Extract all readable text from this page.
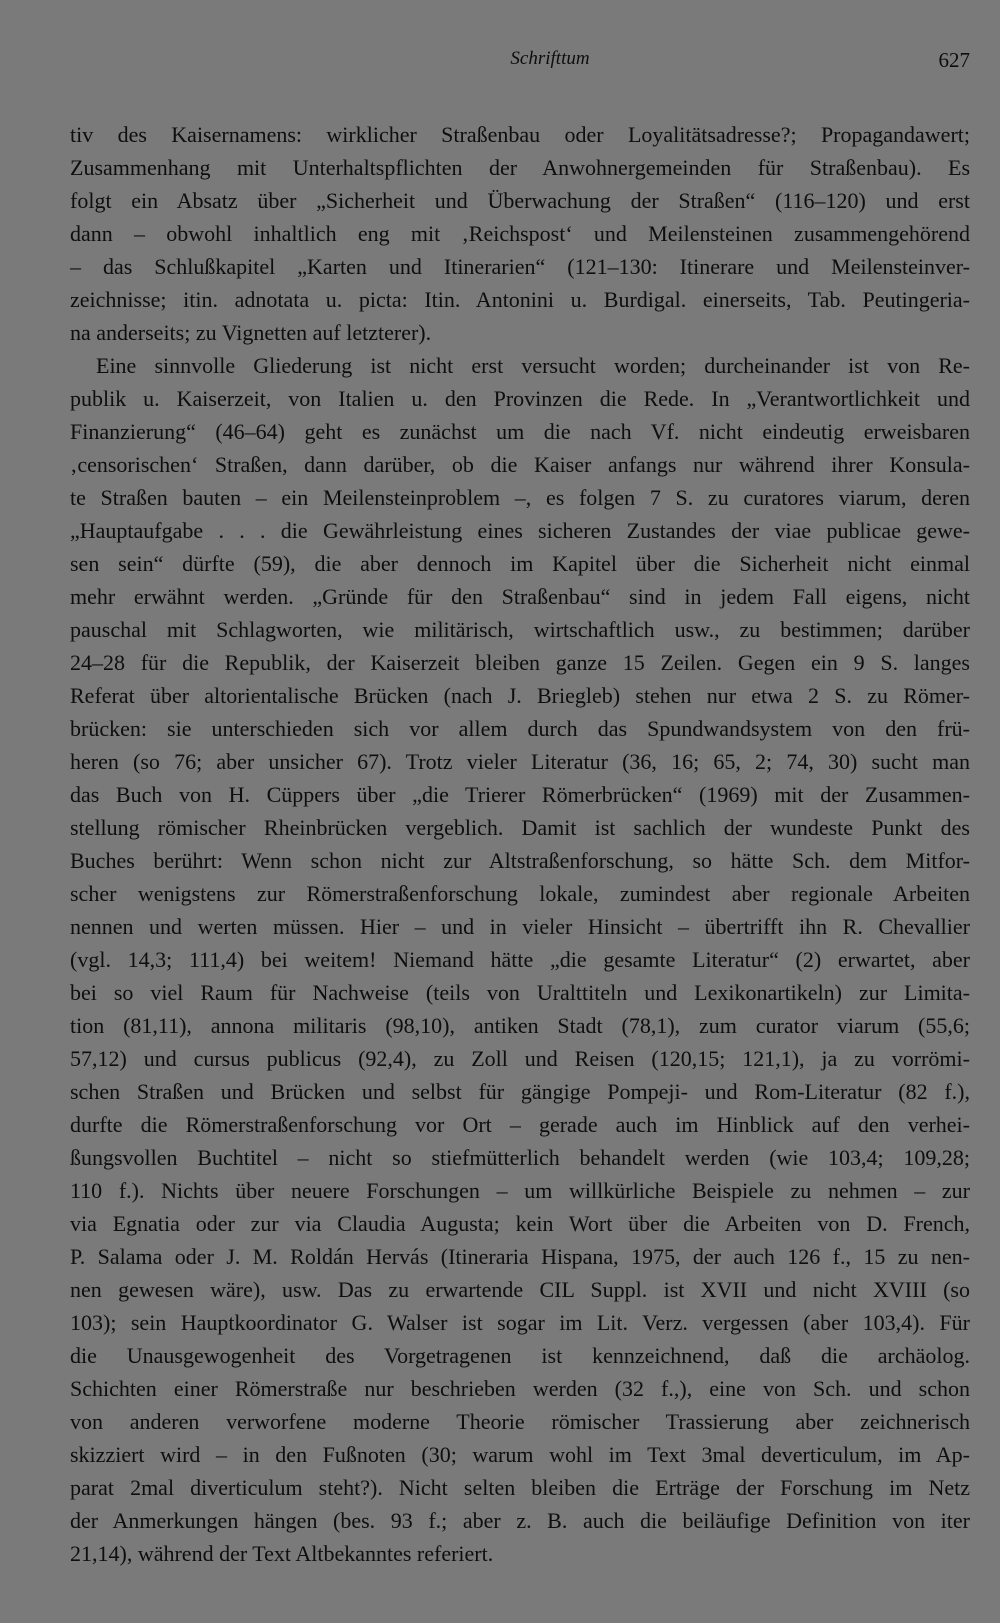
Schrifttum	627
tiv des Kaisernamens: wirklicher Straßenbau oder Loyalitätsadresse?; Propagandawert;
Zusammenhang mit Unterhaltspflichten der Anwohnergemeinden für Straßenbau). Es
folgt ein Absatz über „Sicherheit und Überwachung der Straßen“ (116–120) und erst
dann – obwohl inhaltlich eng mit ‚Reichspost‘ und Meilensteinen zusammengehörend
– das Schlußkapitel „Karten und Itinerarien“ (121–130: Itinerare und Meilensteinver-
zeichnisse; itin. adnotata u. picta: Itin. Antonini u. Burdigal. einerseits, Tab. Peutingeria-
na anderseits; zu Vignetten auf letzterer).
Eine sinnvolle Gliederung ist nicht erst versucht worden; durcheinander ist von Re-
publik u. Kaiserzeit, von Italien u. den Provinzen die Rede. In „Verantwortlichkeit und
Finanzierung“ (46–64) geht es zunächst um die nach Vf. nicht eindeutig erweisbaren
‚censorischen‘ Straßen, dann darüber, ob die Kaiser anfangs nur während ihrer Konsula-
te Straßen bauten – ein Meilensteinproblem –, es folgen 7 S. zu curatores viarum, deren
„Hauptaufgabe . . . die Gewährleistung eines sicheren Zustandes der viae publicae gewe-
sen sein“ dürfte (59), die aber dennoch im Kapitel über die Sicherheit nicht einmal
mehr erwähnt werden. „Gründe für den Straßenbau“ sind in jedem Fall eigens, nicht
pauschal mit Schlagworten, wie militärisch, wirtschaftlich usw., zu bestimmen; darüber
24–28 für die Republik, der Kaiserzeit bleiben ganze 15 Zeilen. Gegen ein 9 S. langes
Referat über altorientalische Brücken (nach J. Briegleb) stehen nur etwa 2 S. zu Römer-
brücken: sie unterschieden sich vor allem durch das Spundwandsystem von den frü-
heren (so 76; aber unsicher 67). Trotz vieler Literatur (36, 16; 65, 2; 74, 30) sucht man
das Buch von H. Cüppers über „die Trierer Römerbrücken“ (1969) mit der Zusammen-
stellung römischer Rheinbrücken vergeblich. Damit ist sachlich der wundeste Punkt des
Buches berührt: Wenn schon nicht zur Altstraßenforschung, so hätte Sch. dem Mitfor-
scher wenigstens zur Römerstraßenforschung lokale, zumindest aber regionale Arbeiten
nennen und werten müssen. Hier – und in vieler Hinsicht – übertrifft ihn R. Chevallier
(vgl. 14,3; 111,4) bei weitem! Niemand hätte „die gesamte Literatur“ (2) erwartet, aber
bei so viel Raum für Nachweise (teils von Uralttiteln und Lexikonartikeln) zur Limita-
tion (81,11), annona militaris (98,10), antiken Stadt (78,1), zum curator viarum (55,6;
57,12) und cursus publicus (92,4), zu Zoll und Reisen (120,15; 121,1), ja zu vorrömi-
schen Straßen und Brücken und selbst für gängige Pompeji- und Rom-Literatur (82 f.),
durfte die Römerstraßenforschung vor Ort – gerade auch im Hinblick auf den verhei-
ßungsvollen Buchtitel – nicht so stiefmütterlich behandelt werden (wie 103,4; 109,28;
110 f.). Nichts über neuere Forschungen – um willkürliche Beispiele zu nehmen – zur
via Egnatia oder zur via Claudia Augusta; kein Wort über die Arbeiten von D. French,
P. Salama oder J. M. Roldán Hervás (Itineraria Hispana, 1975, der auch 126 f., 15 zu nen-
nen gewesen wäre), usw. Das zu erwartende CIL Suppl. ist XVII und nicht XVIII (so
103); sein Hauptkoordinator G. Walser ist sogar im Lit. Verz. vergessen (aber 103,4). Für
die Unausgewogenheit des Vorgetragenen ist kennzeichnend, daß die archäolog.
Schichten einer Römerstraße nur beschrieben werden (32 f.,), eine von Sch. und schon
von anderen verworfene moderne Theorie römischer Trassierung aber zeichnerisch
skizziert wird – in den Fußnoten (30; warum wohl im Text 3mal deverticulum, im Ap-
parat 2mal diverticulum steht?). Nicht selten bleiben die Erträge der Forschung im Netz
der Anmerkungen hängen (bes. 93 f.; aber z. B. auch die beiläufige Definition von iter
21,14), während der Text Altbekanntes referiert.
